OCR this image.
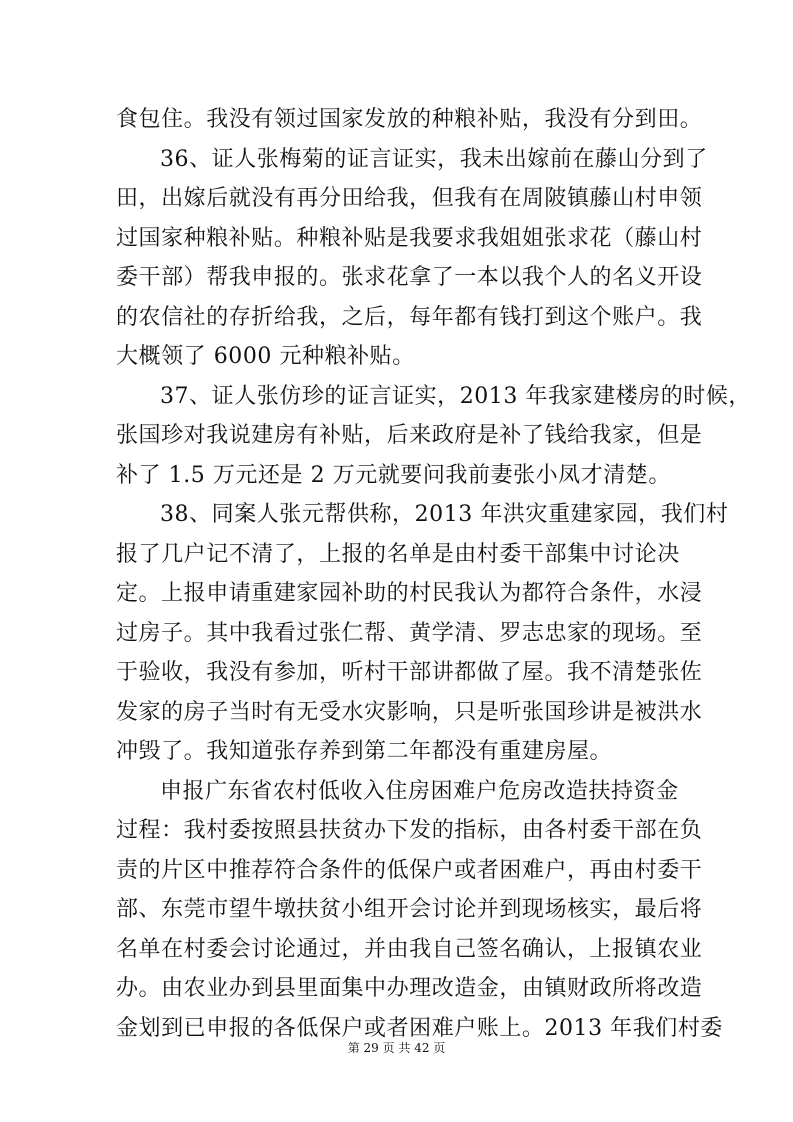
食包住。我没有领过国家发放的种粮补贴，我没有分到田。
36、证人张梅菊的证言证实，我未出嫁前在藤山分到了
田，出嫁后就没有再分田给我，但我有在周陂镇藤山村申领
过国家种粮补贴。种粮补贴是我要求我姐姐张求花（藤山村
委干部）帮我申报的。张求花拿了一本以我个人的名义开设
的农信社的存折给我，之后，每年都有钱打到这个账户。我
大概领了 6000 元种粮补贴。
37、证人张仿珍的证言证实，2013 年我家建楼房的时候，
张国珍对我说建房有补贴，后来政府是补了钱给我家，但是
补了 1.5 万元还是 2 万元就要问我前妻张小凤才清楚。
38、同案人张元帮供称，2013 年洪灾重建家园，我们村
报了几户记不清了，上报的名单是由村委干部集中讨论决
定。上报申请重建家园补助的村民我认为都符合条件，水浸
过房子。其中我看过张仁帮、黄学清、罗志忠家的现场。至
于验收，我没有参加，听村干部讲都做了屋。我不清楚张佐
发家的房子当时有无受水灾影响，只是听张国珍讲是被洪水
冲毁了。我知道张存养到第二年都没有重建房屋。
申报广东省农村低收入住房困难户危房改造扶持资金
过程：我村委按照县扶贫办下发的指标，由各村委干部在负
责的片区中推荐符合条件的低保户或者困难户，再由村委干
部、东莞市望牛墩扶贫小组开会讨论并到现场核实，最后将
名单在村委会讨论通过，并由我自己签名确认，上报镇农业
办。由农业办到县里面集中办理改造金，由镇财政所将改造
金划到已申报的各低保户或者困难户账上。2013 年我们村委
第 29 页 共 42 页
